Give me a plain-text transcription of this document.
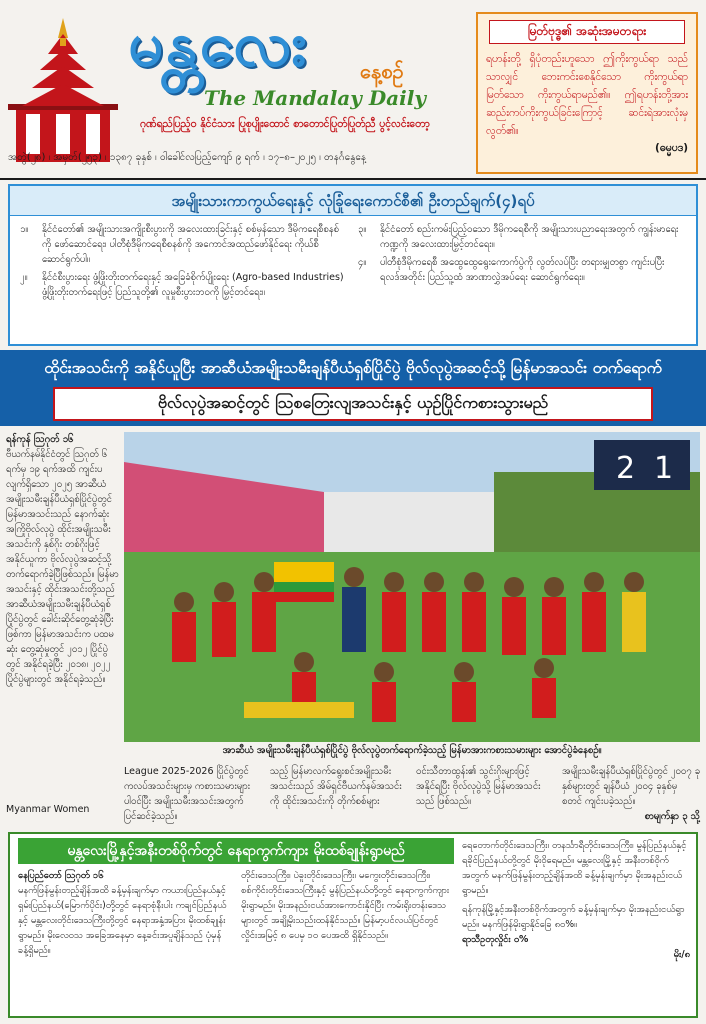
မန္တလေး	နေ့စဉ်
The Mandalay Daily
ဂုဏ်ရည်ပြည့်ဝ နိုင်ငံသား ပြုစုပျိုးထောင် စာတောင်ပြုတ်ပြုတ်ညီ ပွင့်လင်းတော့
အတွဲ(၂၈) ၊ အမှတ်(၂၅၃) ၊ ၁၃၈၇ ခုနှစ် ၊ ဝါခေါင်လပြည့်ကျော် ၉ ရက် ၊ ၁၇–၈–၂၀၂၅ ၊ တနင်္ဂနွေနေ့
မြတ်ဗုဒ္ဓ၏ အဆုံးအမတရား
ရဟန်းတို့ ရှိပုံတည်းဟူသော ဤကိုးကွယ်ရာ သည်သာလျှင် ဘေးကင်းစေနိုင်သော ကိုးကွယ်ရာ မြတ်သော ကိုးကွယ်ရာမည်၏။ ဤရဟန်းတို့အား ဆည်းကပ်ကိုးကွယ်ခြင်းကြောင့် ဆင်းရဲအားလုံးမှ လွတ်၏။
(ဓမ္မပဒ)
အမျိုးသားကာကွယ်ရေးနှင့် လုံခြုံရေးကောင်စီ၏ ဦးတည်ချက်(၄)ရပ်

၁။	နိုင်ငံတော်၏ အမျိုးသားအကျိုးစီးပွားကို အလေးထားခြင်းနှင့် စစ်မှန်သော ဒီမိုကရေစီစနစ်ကို ဖော်ဆောင်ရေး၊ ပါတီစုံဒီမိုကရေစီစနစ်ကို အကောင်အထည်ဖော်နိုင်ရေး ကိုယ်စီဆောင်ရွက်ပါ။

၂။	နိုင်ငံစီးပွားရေး ဖွံ့ဖြိုးတိုးတက်ရေးနှင့် အခြေခံစိုက်ပျိုးရေး (Agro-based Industries) ဖွံ့ဖြိုးတိုးတက်ရေးဖြင့် ပြည်သူတို့၏ လူမှုစီးပွားဘဝကို မြှင့်တင်ရေး။

၃။	နိုင်ငံတော် စည်းကမ်းပြည့်ဝသော ဒီမိုကရေစီကို အမျိုးသားပညာရေးအတွက် ကျွန်းမာရေးကဏ္ဍကို အလေးထားမြှင့်တင်ရေး။

၄။	ပါတီစုံဒီမိုကရေစီ အထွေထွေရွေးကောက်ပွဲကို လွတ်လပ်ပြီး တရားမျှတစွာ ကျင်းပပြီး ရလဒ်အတိုင်း ပြည်သူ့ထံ အာဏာလွှဲအပ်ရေး ဆောင်ရွက်ရေး။

ထိုင်းအသင်းကို အနိုင်ယူပြီး အာဆီယံအမျိုးသမီးချန်ပီယံရှစ်ပြိုင်ပွဲ ဗိုလ်လုပွဲအဆင့်သို့ မြန်မာအသင်း တက်ရောက်
ဗိုလ်လုပွဲအဆင့်တွင် ဩစတြေးလျအသင်းနှင့် ယှဉ်ပြိုင်ကစားသွားမည်
ရန်ကုန် ဩဂုတ် ၁၆
ဗီယက်နမ်နိုင်ငံတွင် ဩဂုတ် ၆ ရက်မှ ၁၉ ရက်အထိ ကျင်းပလျက်ရှိသော ၂၀၂၅ အာဆီယံ အမျိုးသမီးချန်ပီယံရှစ်ပြိုင်ပွဲတွင် မြန်မာအသင်းသည် နောက်ဆုံးအကြိုဗိုလ်လုပွဲ ထိုင်းအမျိုးသမီးအသင်းကို နှစ်ဂိုး တစ်ဂိုးဖြင့် အနိုင်ယူကာ ဗိုလ်လုပွဲအဆင့်သို့ တက်ရောက်ခဲ့ပြီဖြစ်သည်။ မြန်မာအသင်းနှင့် ထိုင်းအသင်းတို့သည် အာဆီယံအမျိုးသမီးချန်ပီယံရှစ်ပြိုင်ပွဲတွင် ခေါင်းဆိုင်တွေ့ဆုံခဲ့ပြီးဖြစ်ကာ မြန်မာအသင်းက ပထမဆုံး တွေ့ဆုံမှုတွင် ၂၀၁၂ ပြိုင်ပွဲတွင် အနိုင်ရခဲ့ပြီး ၂၀၁၈၊ ၂၀၂၂ ပြိုင်ပွဲများတွင် အနိုင်ရခဲ့သည်။
Myanmar Women
2 1
အာဆီယံ အမျိုးသမီးချန်ပီယံရှစ်ပြိုင်ပွဲ ဗိုလ်လုပွဲတက်ရောက်ခဲ့သည့် မြန်မာအားကစားသမားများ အောင်ပွဲခံနေစဉ်။
League 2025-2026 ပြိုင်ပွဲတွင် ကလပ်အသင်းများမှ ကစားသမားများပါဝင်ပြီး အမျိုးသမီးအသင်းအတွက် ပြင်ဆင်ခဲ့သည်။
သည့် မြန်မာလက်ရွေးစင်အမျိုးသမီးအသင်းသည် အိမ်ရှင်ဗီယက်နမ်အသင်းကို ထိုင်းအသင်းကို တိုက်စစ်များ
ဝင်းသီတာထွန်း၏ သွင်းဂိုးများဖြင့် အနိုင်ရပြီး ဗိုလ်လုပွဲသို့ မြန်မာအသင်းသည် ဖြစ်သည်။
အမျိုးသမီးချန်ပီယံရှစ်ပြိုင်ပွဲတွင် ၂၀၀၇ ခုနှစ်များတွင် ချန်ပီယံ ၂၀၀၄ ခုနှစ်မှ စတင် ကျင်းပခဲ့သည်။
စာမျက်နှာ ၃ သို့
မန္တလေးမြို့နှင့်အနီးတစ်ဝိုက်တွင် နေရာကွက်ကျား မိုးထစ်ချုန်းရွာမည်
နေပြည်တော် ဩဂုတ် ၁၆
မနက်ဖြန်မွန်းတည့်ချိန်အထိ ခန့်မှန်းချက်မှာ ကယားပြည်နယ်နှင့် ရှမ်းပြည်နယ်(မြောက်ပိုင်း)တို့တွင် နေရာစုံနီးပါး ကချင်ပြည်နယ်နှင့် မန္တလေးတိုင်းဒေသကြီးတို့တွင် နေရာအနှံ့အပြား မိုးထစ်ချုန်းရွာမည်။ မိုးလေဝသ အခြေအနေမှာ နေ့ခင်းအပူချိန်သည် ပုံမှန်ခန့်ရှိမည်။
တိုင်းဒေသကြီး၊ ပဲခူးတိုင်းဒေသကြီး၊ မကွေးတိုင်းဒေသကြီး၊ စစ်ကိုင်းတိုင်းဒေသကြီးနှင့် မွန်ပြည်နယ်တို့တွင် နေရာကွက်ကျား မိုးရွာမည်။ မိုးအနည်းငယ်အားကောင်းနိုင်ပြီး ကမ်းရိုးတန်းဒေသများတွင် အချို့မိုးသည်းထန်နိုင်သည်။ မြန်မာ့ပင်လယ်ပြင်တွင် လှိုင်းအမြင့် ၈ ပေမှ ၁၀ ပေအထိ ရှိနိုင်သည်။
ရေတောက်တိုင်းဒေသကြီး၊ တနင်္သာရီတိုင်းဒေသကြီး၊ မွန်ပြည်နယ်နှင့် ရခိုင်ပြည်နယ်တို့တွင် မိုးဝိုရေမည်။ မန္တလေးမြို့နှင့် အနီးတစ်ဝိုက်အတွက် မနက်ဖြန်မွန်းတည့်ချိန်အထိ ခန့်မှန်းချက်မှာ မိုးအနည်းငယ်ရွာမည်။
ရန်ကုန်မြို့နှင့်အနီးတစ်ဝိုက်အတွက် ခန့်မှန်းချက်မှာ မိုးအနည်းငယ်ရွာမည်။ မနက်ဖြန်မိုးရွာနိုင်ခြေ ၈၀%။
ရာသီဥတုလှိုင်း ဝ%
မိုး/၈
